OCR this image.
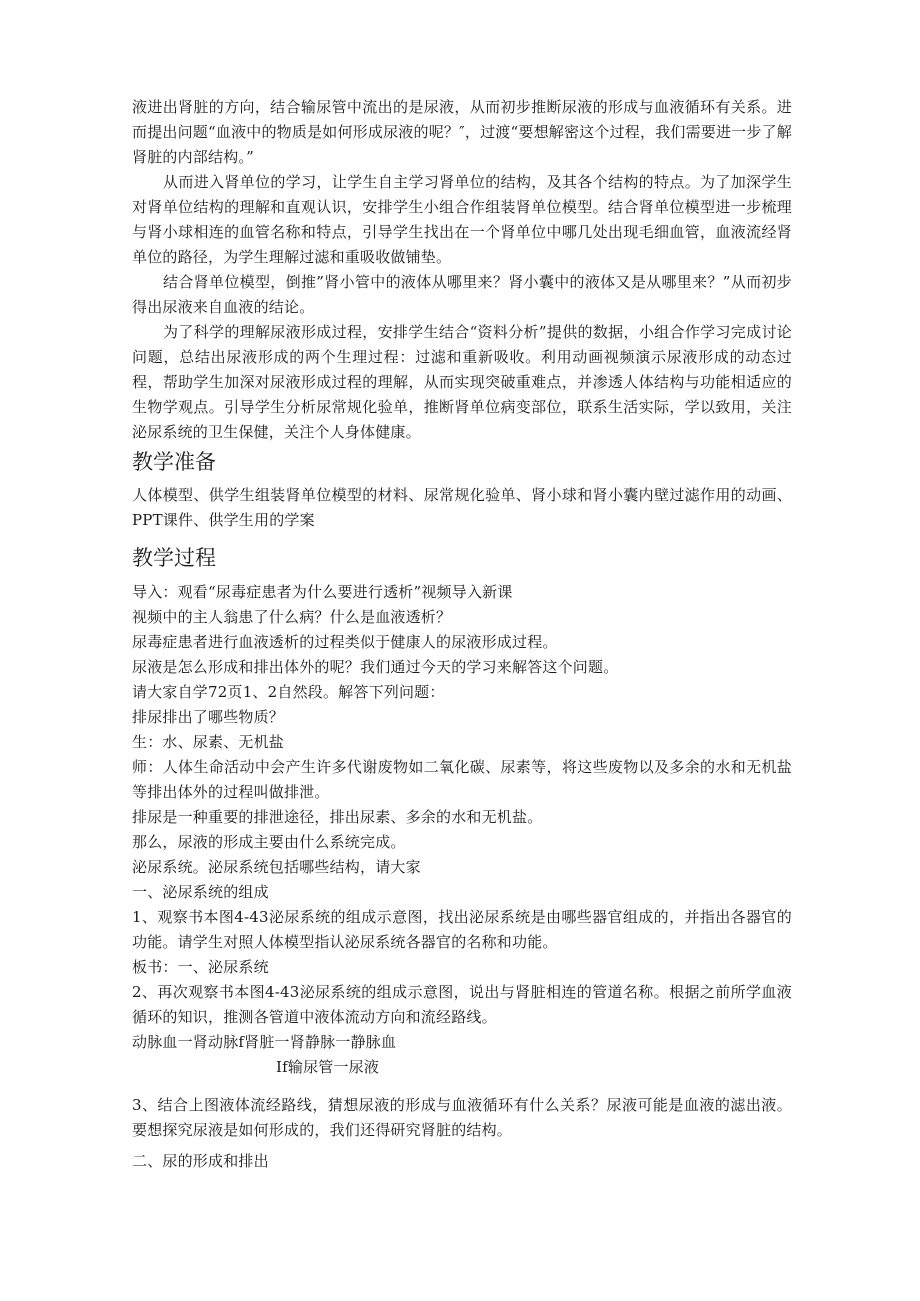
液进出肾脏的方向，结合输尿管中流出的是尿液，从而初步推断尿液的形成与血液循环有关系。进而提出问题“血液中的物质是如何形成尿液的呢？″，过渡“要想解密这个过程，我们需要进一步了解肾脏的内部结构。”

从而进入肾单位的学习，让学生自主学习肾单位的结构，及其各个结构的特点。为了加深学生对肾单位结构的理解和直观认识，安排学生小组合作组装肾单位模型。结合肾单位模型进一步梳理与肾小球相连的血管名称和特点，引导学生找出在一个肾单位中哪几处出现毛细血管，血液流经肾单位的路径，为学生理解过滤和重吸收做铺垫。

结合肾单位模型，倒推”肾小管中的液体从哪里来？肾小囊中的液体又是从哪里来？”从而初步得出尿液来自血液的结论。

为了科学的理解尿液形成过程，安排学生结合“资料分析”提供的数据，小组合作学习完成讨论问题，总结出尿液形成的两个生理过程：过滤和重新吸收。利用动画视频演示尿液形成的动态过程，帮助学生加深对尿液形成过程的理解，从而实现突破重难点，并渗透人体结构与功能相适应的生物学观点。引导学生分析尿常规化验单，推断肾单位病变部位，联系生活实际，学以致用，关注泌尿系统的卫生保健，关注个人身体健康。

教学准备

人体模型、供学生组装肾单位模型的材料、尿常规化验单、肾小球和肾小囊内壁过滤作用的动画、PPT课件、供学生用的学案

教学过程

导入：观看“尿毒症患者为什么要进行透析”视频导入新课

视频中的主人翁患了什么病？什么是血液透析？

尿毒症患者进行血液透析的过程类似于健康人的尿液形成过程。

尿液是怎么形成和排出体外的呢？我们通过今天的学习来解答这个问题。

请大家自学72页1、2自然段。解答下列问题：

排尿排出了哪些物质？

生：水、尿素、无机盐

师：人体生命活动中会产生许多代谢废物如二氧化碳、尿素等，将这些废物以及多余的水和无机盐等排出体外的过程叫做排泄。

排尿是一种重要的排泄途径，排出尿素、多余的水和无机盐。

那么，尿液的形成主要由什么系统完成。

泌尿系统。泌尿系统包括哪些结构，请大家

一、泌尿系统的组成

1、观察书本图4-43泌尿系统的组成示意图，找出泌尿系统是由哪些器官组成的，并指出各器官的功能。请学生对照人体模型指认泌尿系统各器官的名称和功能。

板书：一、泌尿系统

2、再次观察书本图4-43泌尿系统的组成示意图，说出与肾脏相连的管道名称。根据之前所学血液循环的知识，推测各管道中液体流动方向和流经路线。

动脉血一肾动脉f肾脏一肾静脉一静脉血

If输尿管一尿液

3、结合上图液体流经路线，猜想尿液的形成与血液循环有什么关系？尿液可能是血液的滤出液。要想探究尿液是如何形成的，我们还得研究肾脏的结构。

二、尿的形成和排出
